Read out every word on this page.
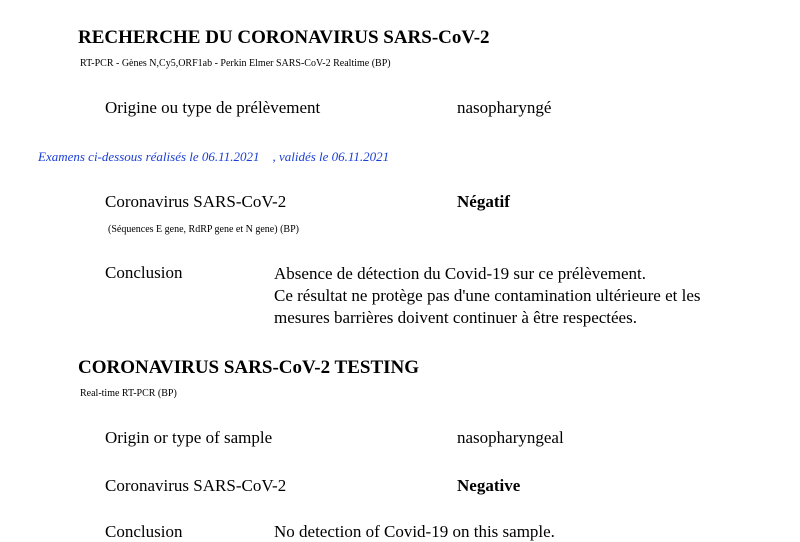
RECHERCHE DU CORONAVIRUS SARS-CoV-2
RT-PCR - Gènes N,Cy5,ORF1ab - Perkin Elmer SARS-CoV-2 Realtime (BP)
Origine ou type de prélèvement	nasopharyngé
Examens ci-dessous réalisés le 06.11.2021    , validés le 06.11.2021
Coronavirus SARS-CoV-2	Négatif
(Séquences E gene, RdRP gene et N gene) (BP)
Conclusion	Absence de détection du Covid-19 sur ce prélèvement.
Ce résultat ne protège pas d'une contamination ultérieure et les
mesures barrières doivent continuer à être respectées.
CORONAVIRUS SARS-CoV-2 TESTING
Real-time RT-PCR (BP)
Origin or type of sample	nasopharyngeal
Coronavirus SARS-CoV-2	Negative
Conclusion	No detection of Covid-19 on this sample.
